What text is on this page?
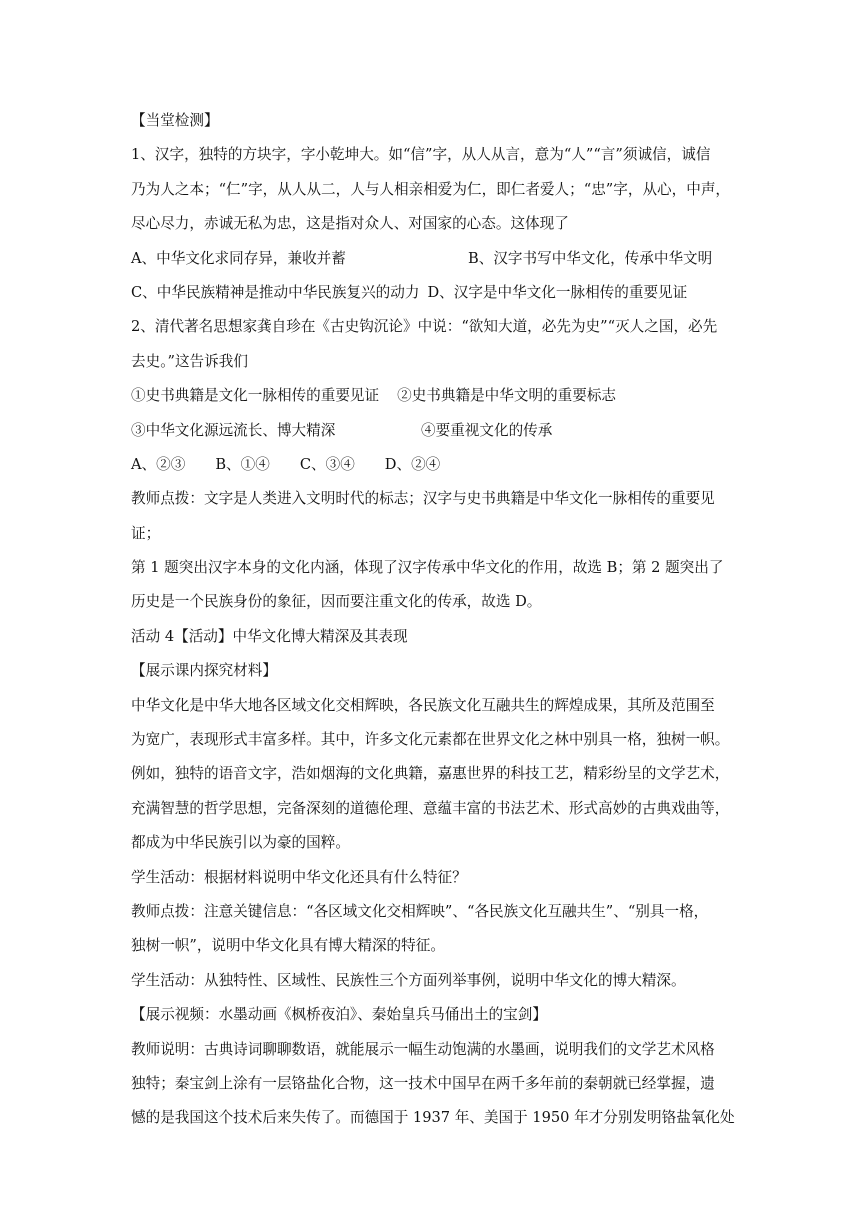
【当堂检测】
1、汉字，独特的方块字，字小乾坤大。如“信”字，从人从言，意为“人”“言”须诚信，诚信
乃为人之本；“仁”字，从人从二，人与人相亲相爱为仁，即仁者爱人；“忠”字，从心，中声，
尽心尽力，赤诚无私为忠，这是指对众人、对国家的心态。这体现了
A、中华文化求同存异，兼收并蓄	B、汉字书写中华文化，传承中华文明
C、中华民族精神是推动中华民族复兴的动力 D、汉字是中华文化一脉相传的重要见证
2、清代著名思想家龚自珍在《古史钩沉论》中说：“欲知大道，必先为史”“灭人之国，必先
去史。”这告诉我们
①史书典籍是文化一脉相传的重要见证 ②史书典籍是中华文明的重要标志
③中华文化源远流长、博大精深	④要重视文化的传承
A、②③ B、①④ C、③④ D、②④
教师点拨：文字是人类进入文明时代的标志；汉字与史书典籍是中华文化一脉相传的重要见
证；
第 1 题突出汉字本身的文化内涵，体现了汉字传承中华文化的作用，故选 B；第 2 题突出了
历史是一个民族身份的象征，因而要注重文化的传承，故选 D。
活动 4【活动】中华文化博大精深及其表现
【展示课内探究材料】
中华文化是中华大地各区域文化交相辉映，各民族文化互融共生的辉煌成果，其所及范围至
为宽广，表现形式丰富多样。其中，许多文化元素都在世界文化之林中别具一格，独树一帜。
例如，独特的语音文字，浩如烟海的文化典籍，嘉惠世界的科技工艺，精彩纷呈的文学艺术，
充满智慧的哲学思想，完备深刻的道德伦理、意蕴丰富的书法艺术、形式高妙的古典戏曲等，
都成为中华民族引以为豪的国粹。
学生活动：根据材料说明中华文化还具有什么特征？
教师点拨：注意关键信息：“各区域文化交相辉映”、“各民族文化互融共生”、“别具一格，
独树一帜”，说明中华文化具有博大精深的特征。
学生活动：从独特性、区域性、民族性三个方面列举事例，说明中华文化的博大精深。
【展示视频：水墨动画《枫桥夜泊》、秦始皇兵马俑出土的宝剑】
教师说明：古典诗词聊聊数语，就能展示一幅生动饱满的水墨画，说明我们的文学艺术风格
独特；秦宝剑上涂有一层铬盐化合物，这一技术中国早在两千多年前的秦朝就已经掌握，遗
憾的是我国这个技术后来失传了。而德国于 1937 年、美国于 1950 年才分别发明铬盐氧化处
